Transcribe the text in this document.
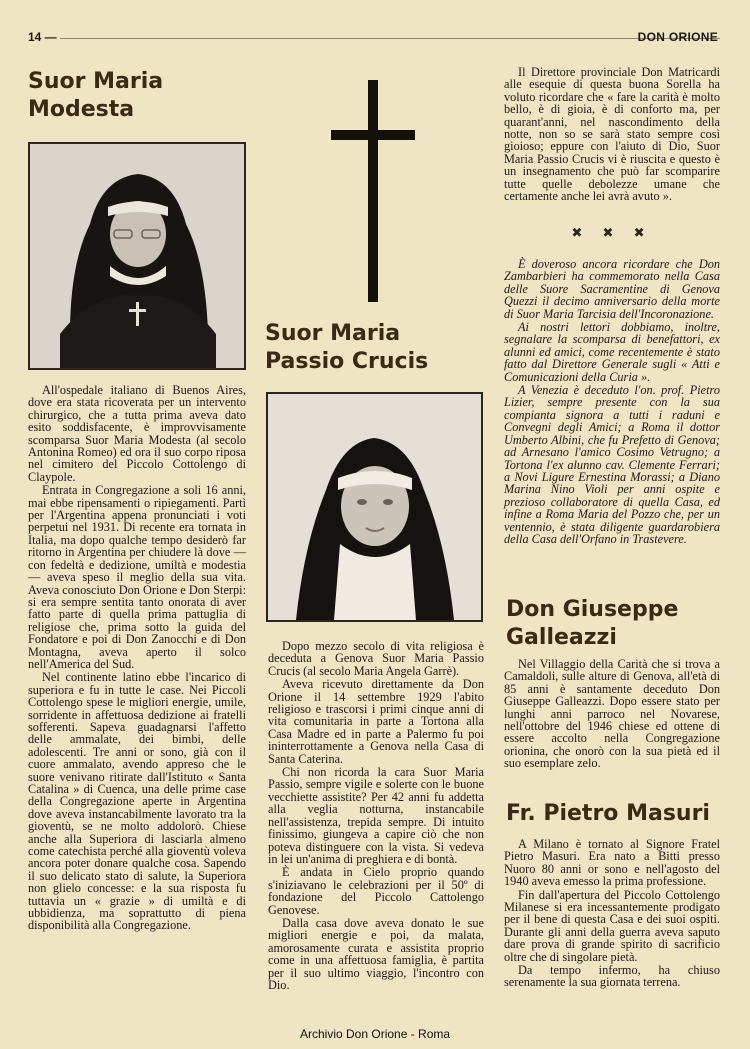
14 —	DON ORIONE
Suor Maria Modesta

All'ospedale italiano di Buenos Aires, dove era stata ricoverata per un intervento chirurgico, che a tutta prima aveva dato esito soddisfacente, è improvvisamente scomparsa Suor Maria Modesta (al secolo Antonina Romeo) ed ora il suo corpo riposa nel cimitero del Piccolo Cottolengo di Claypole.

Entrata in Congregazione a soli 16 anni, mai ebbe ripensamenti o ripiegamenti. Partì per l'Argentina appena pronunciati i voti perpetui nel 1931. Di recente era tornata in Italia, ma dopo qualche tempo desiderò far ritorno in Argentina per chiudere là dove — con fedeltà e dedizione, umiltà e modestia — aveva speso il meglio della sua vita. Aveva conosciuto Don Orione e Don Sterpi: si era sempre sentita tanto onorata di aver fatto parte di quella prima pattuglia di religiose che, prima sotto la guida del Fondatore e poi di Don Zanocchi e di Don Montagna, aveva aperto il solco nell'America del Sud.

Nel continente latino ebbe l'incarico di superiora e fu in tutte le case. Nei Piccoli Cottolengo spese le migliori energie, umile, sorridente in affettuosa dedizione ai fratelli sofferenti. Sapeva guadagnarsi l'affetto delle ammalate, dei bimbi, delle adolescenti. Tre anni or sono, già con il cuore ammalato, avendo appreso che le suore venivano ritirate dall'Istituto « Santa Catalina » di Cuenca, una delle prime case della Congregazione aperte in Argentina dove aveva instancabilmente lavorato tra la gioventù, se ne molto addolorò. Chiese anche alla Superiora di lasciarla almeno come catechista perché alla gioventù voleva ancora poter donare qualche cosa. Sapendo il suo delicato stato di salute, la Superiora non glielo concesse: e la sua risposta fu tuttavia un « grazie » di umiltà e di ubbidienza, ma soprattutto di piena disponibilità alla Congregazione.

Suor Maria Passio Crucis

Dopo mezzo secolo di vita religiosa è deceduta a Genova Suor Maria Passio Crucis (al secolo Maria Angela Garrè).

Aveva ricevuto direttamente da Don Orione il 14 settembre 1929 l'abito religioso e trascorsi i primi cinque anni di vita comunitaria in parte a Tortona alla Casa Madre ed in parte a Palermo fu poi ininterrottamente a Genova nella Casa di Santa Caterina.

Chi non ricorda la cara Suor Maria Passio, sempre vigile e solerte con le buone vecchiette assistite? Per 42 anni fu addetta alla veglia notturna, instancabile nell'assistenza, trepida sempre. Di intuito finissimo, giungeva a capire ciò che non poteva distinguere con la vista. Si vedeva in lei un'anima di preghiera e di bontà.

È andata in Cielo proprio quando s'iniziavano le celebrazioni per il 50º di fondazione del Piccolo Cattolengo Genovese.

Dalla casa dove aveva donato le sue migliori energie e poi, da malata, amorosamente curata e assistita proprio come in una affettuosa famiglia, è partita per il suo ultimo viaggio, l'incontro con Dio.

Il Direttore provinciale Don Matricardi alle esequie di questa buona Sorella ha voluto ricordare che « fare la carità è molto bello, è di gioia, è di conforto ma, per quarant'anni, nel nascondimento della notte, non so se sarà stato sempre così gioioso; eppure con l'aiuto di Dio, Suor Maria Passio Crucis vi è riuscita e questo è un insegnamento che può far scomparire tutte quelle debolezze umane che certamente anche lei avrà avuto ».

✖ ✖ ✖

È doveroso ancora ricordare che Don Zambarbieri ha commemorato nella Casa delle Suore Sacramentine di Genova Quezzi il decimo anniversario della morte di Suor Maria Tarcisia dell'Incoronazione.

Ai nostri lettori dobbiamo, inoltre, segnalare la scomparsa di benefattori, ex alunni ed amici, come recentemente è stato fatto dal Direttore Generale sugli « Atti e Comunicazioni della Curia ».

A Venezia è deceduto l'on. prof. Pietro Lizier, sempre presente con la sua compianta signora a tutti i raduni e Convegni degli Amici; a Roma il dottor Umberto Albini, che fu Prefetto di Genova; ad Arnesano l'amico Cosimo Vetrugno; a Tortona l'ex alunno cav. Clemente Ferrari; a Novi Ligure Ernestina Morassi; a Diano Marina Nino Violi per anni ospite e prezioso collaboratore di quella Casa, ed infine a Roma Maria del Pozzo che, per un ventennio, è stata diligente guardarobiera della Casa dell'Orfano in Trastevere.

Don Giuseppe Galleazzi

Nel Villaggio della Carità che si trova a Camaldoli, sulle alture di Genova, all'età di 85 anni è santamente deceduto Don Giuseppe Galleazzi. Dopo essere stato per lunghi anni parroco nel Novarese, nell'ottobre del 1946 chiese ed ottene di essere accolto nella Congregazione orionina, che onorò con la sua pietà ed il suo esemplare zelo.

Fr. Pietro Masuri

A Milano è tornato al Signore Fratel Pietro Masuri. Era nato a Bitti presso Nuoro 80 anni or sono e nell'agosto del 1940 aveva emesso la prima professione.

Fin dall'apertura del Piccolo Cottolengo Milanese si era incessantemente prodigato per il bene di questa Casa e dei suoi ospiti. Durante gli anni della guerra aveva saputo dare prova di grande spirito di sacrificio oltre che di singolare pietà.

Da tempo infermo, ha chiuso serenamente la sua giornata terrena.

Archivio Don Orione - Roma
